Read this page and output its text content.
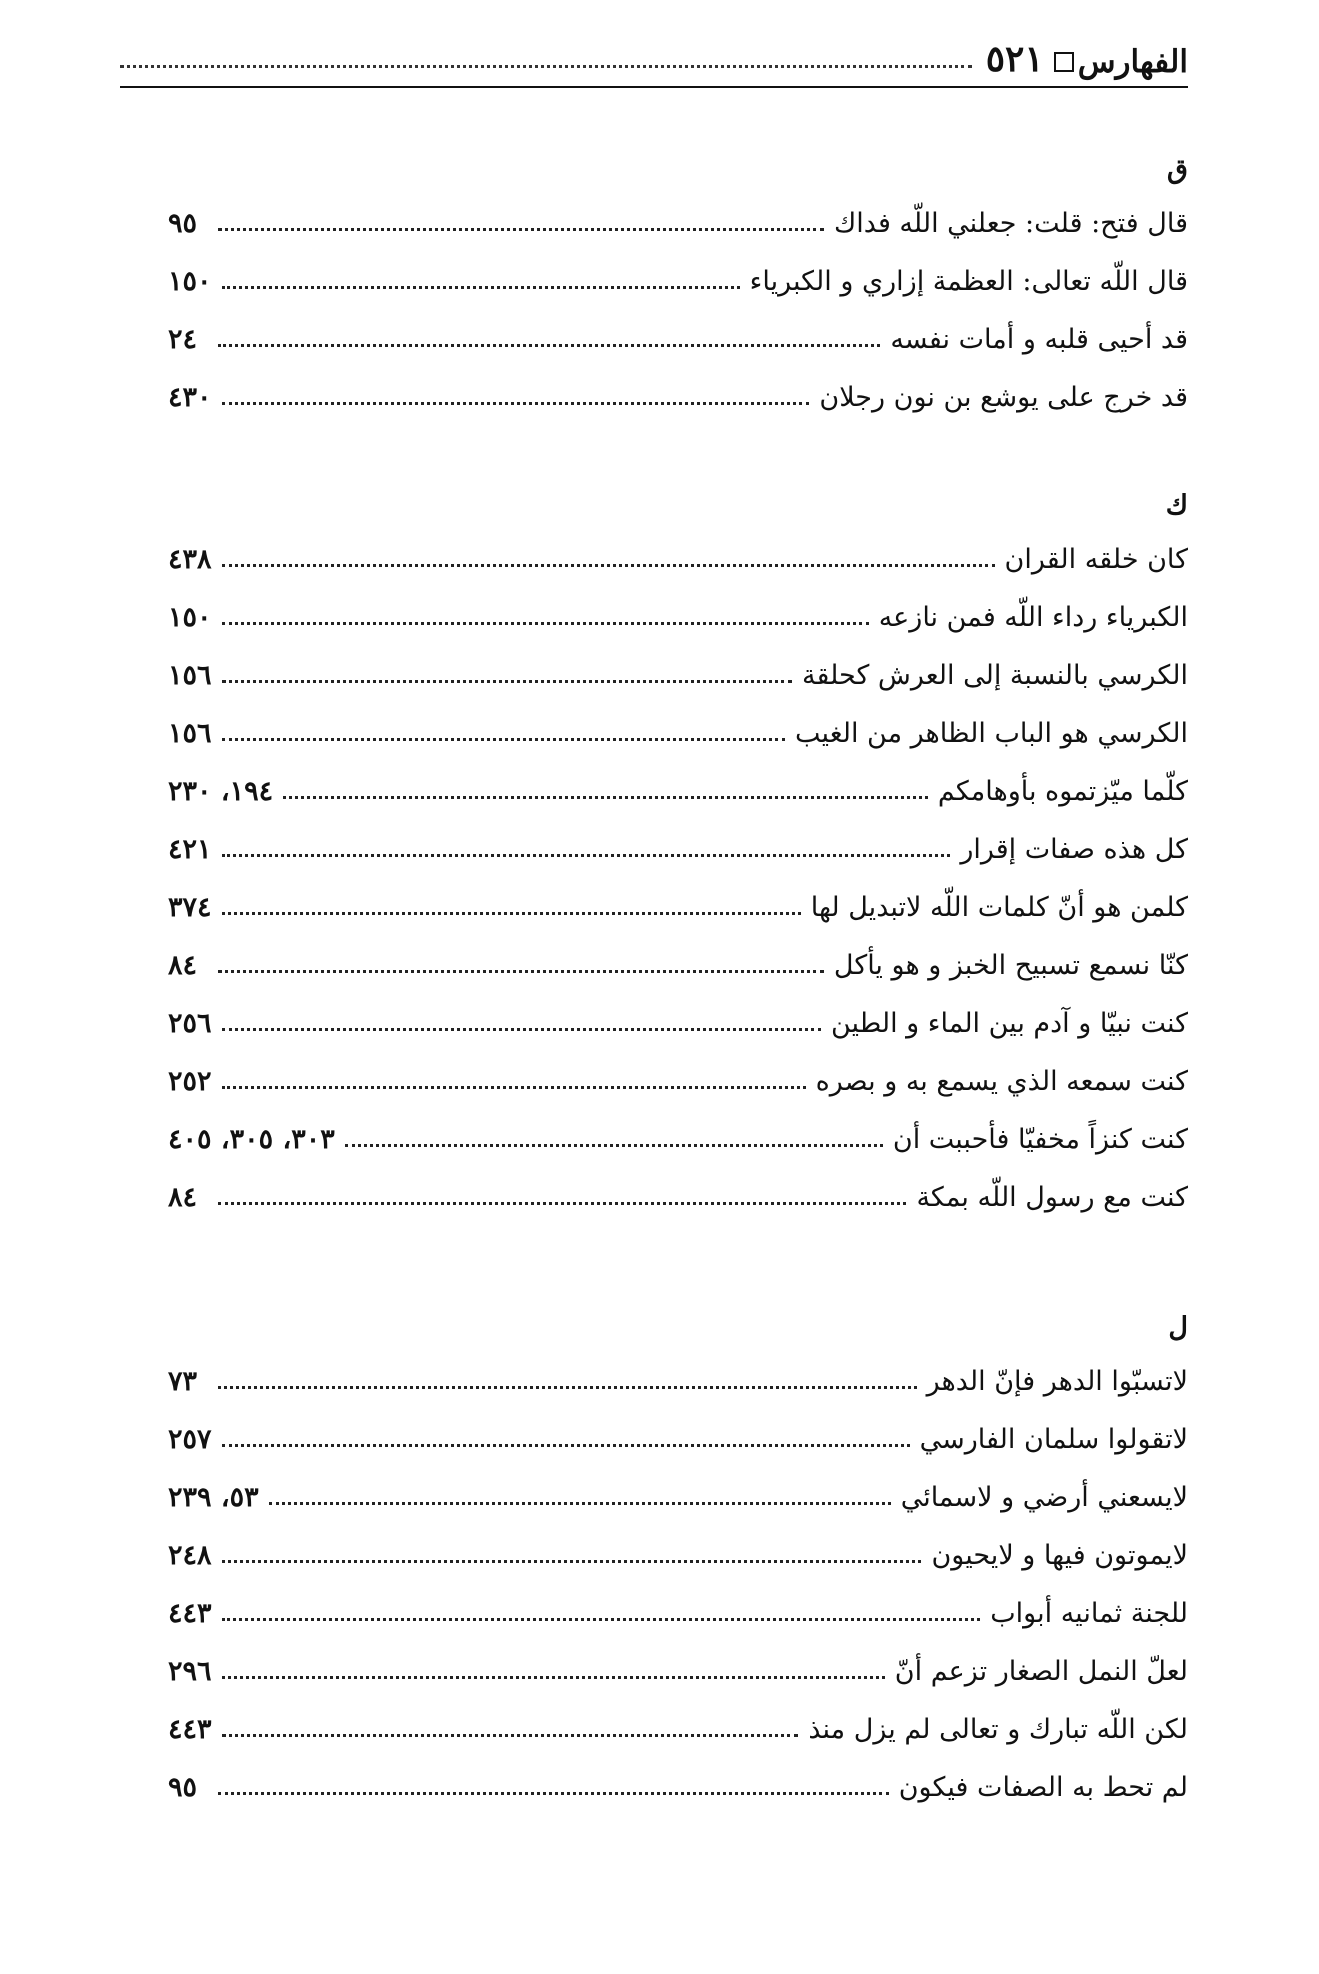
الفهارس
٥٢١
ق
قال فتح: قلت: جعلني اللّه فداك
٩٥
قال اللّه تعالى: العظمة إزاري و الكبرياء
١٥٠
قد أحيى قلبه و أمات نفسه
٢٤
قد خرج على يوشع بن نون رجلان
٤٣٠
ك
كان خلقه القران
٤٣٨
الكبرياء رداء اللّه فمن نازعه
١٥٠
الكرسي بالنسبة إلى العرش كحلقة
١٥٦
الكرسي هو الباب الظاهر من الغيب
١٥٦
كلّما ميّزتموه بأوهامكم
١٩٤، ٢٣٠
كل هذه صفات إقرار
٤٢١
كلمن هو أنّ كلمات اللّه لاتبديل لها
٣٧٤
كنّا نسمع تسبيح الخبز و هو يأكل
٨٤
كنت نبيّا و آدم بين الماء و الطين
٢٥٦
كنت سمعه الذي يسمع به و بصره
٢٥٢
كنت كنزاً مخفيّا فأحببت أن
٣٠٣، ٣٠٥، ٤٠٥
كنت مع رسول اللّه بمكة
٨٤
ل
لاتسبّوا الدهر فإنّ الدهر
٧٣
لاتقولوا سلمان الفارسي
٢٥٧
لايسعني أرضي و لاسمائي
٥٣، ٢٣٩
لايموتون فيها و لايحيون
٢٤٨
للجنة ثمانيه أبواب
٤٤٣
لعلّ النمل الصغار تزعم أنّ
٢٩٦
لكن اللّه تبارك و تعالى لم يزل منذ
٤٤٣
لم تحط به الصفات فيكون
٩٥
